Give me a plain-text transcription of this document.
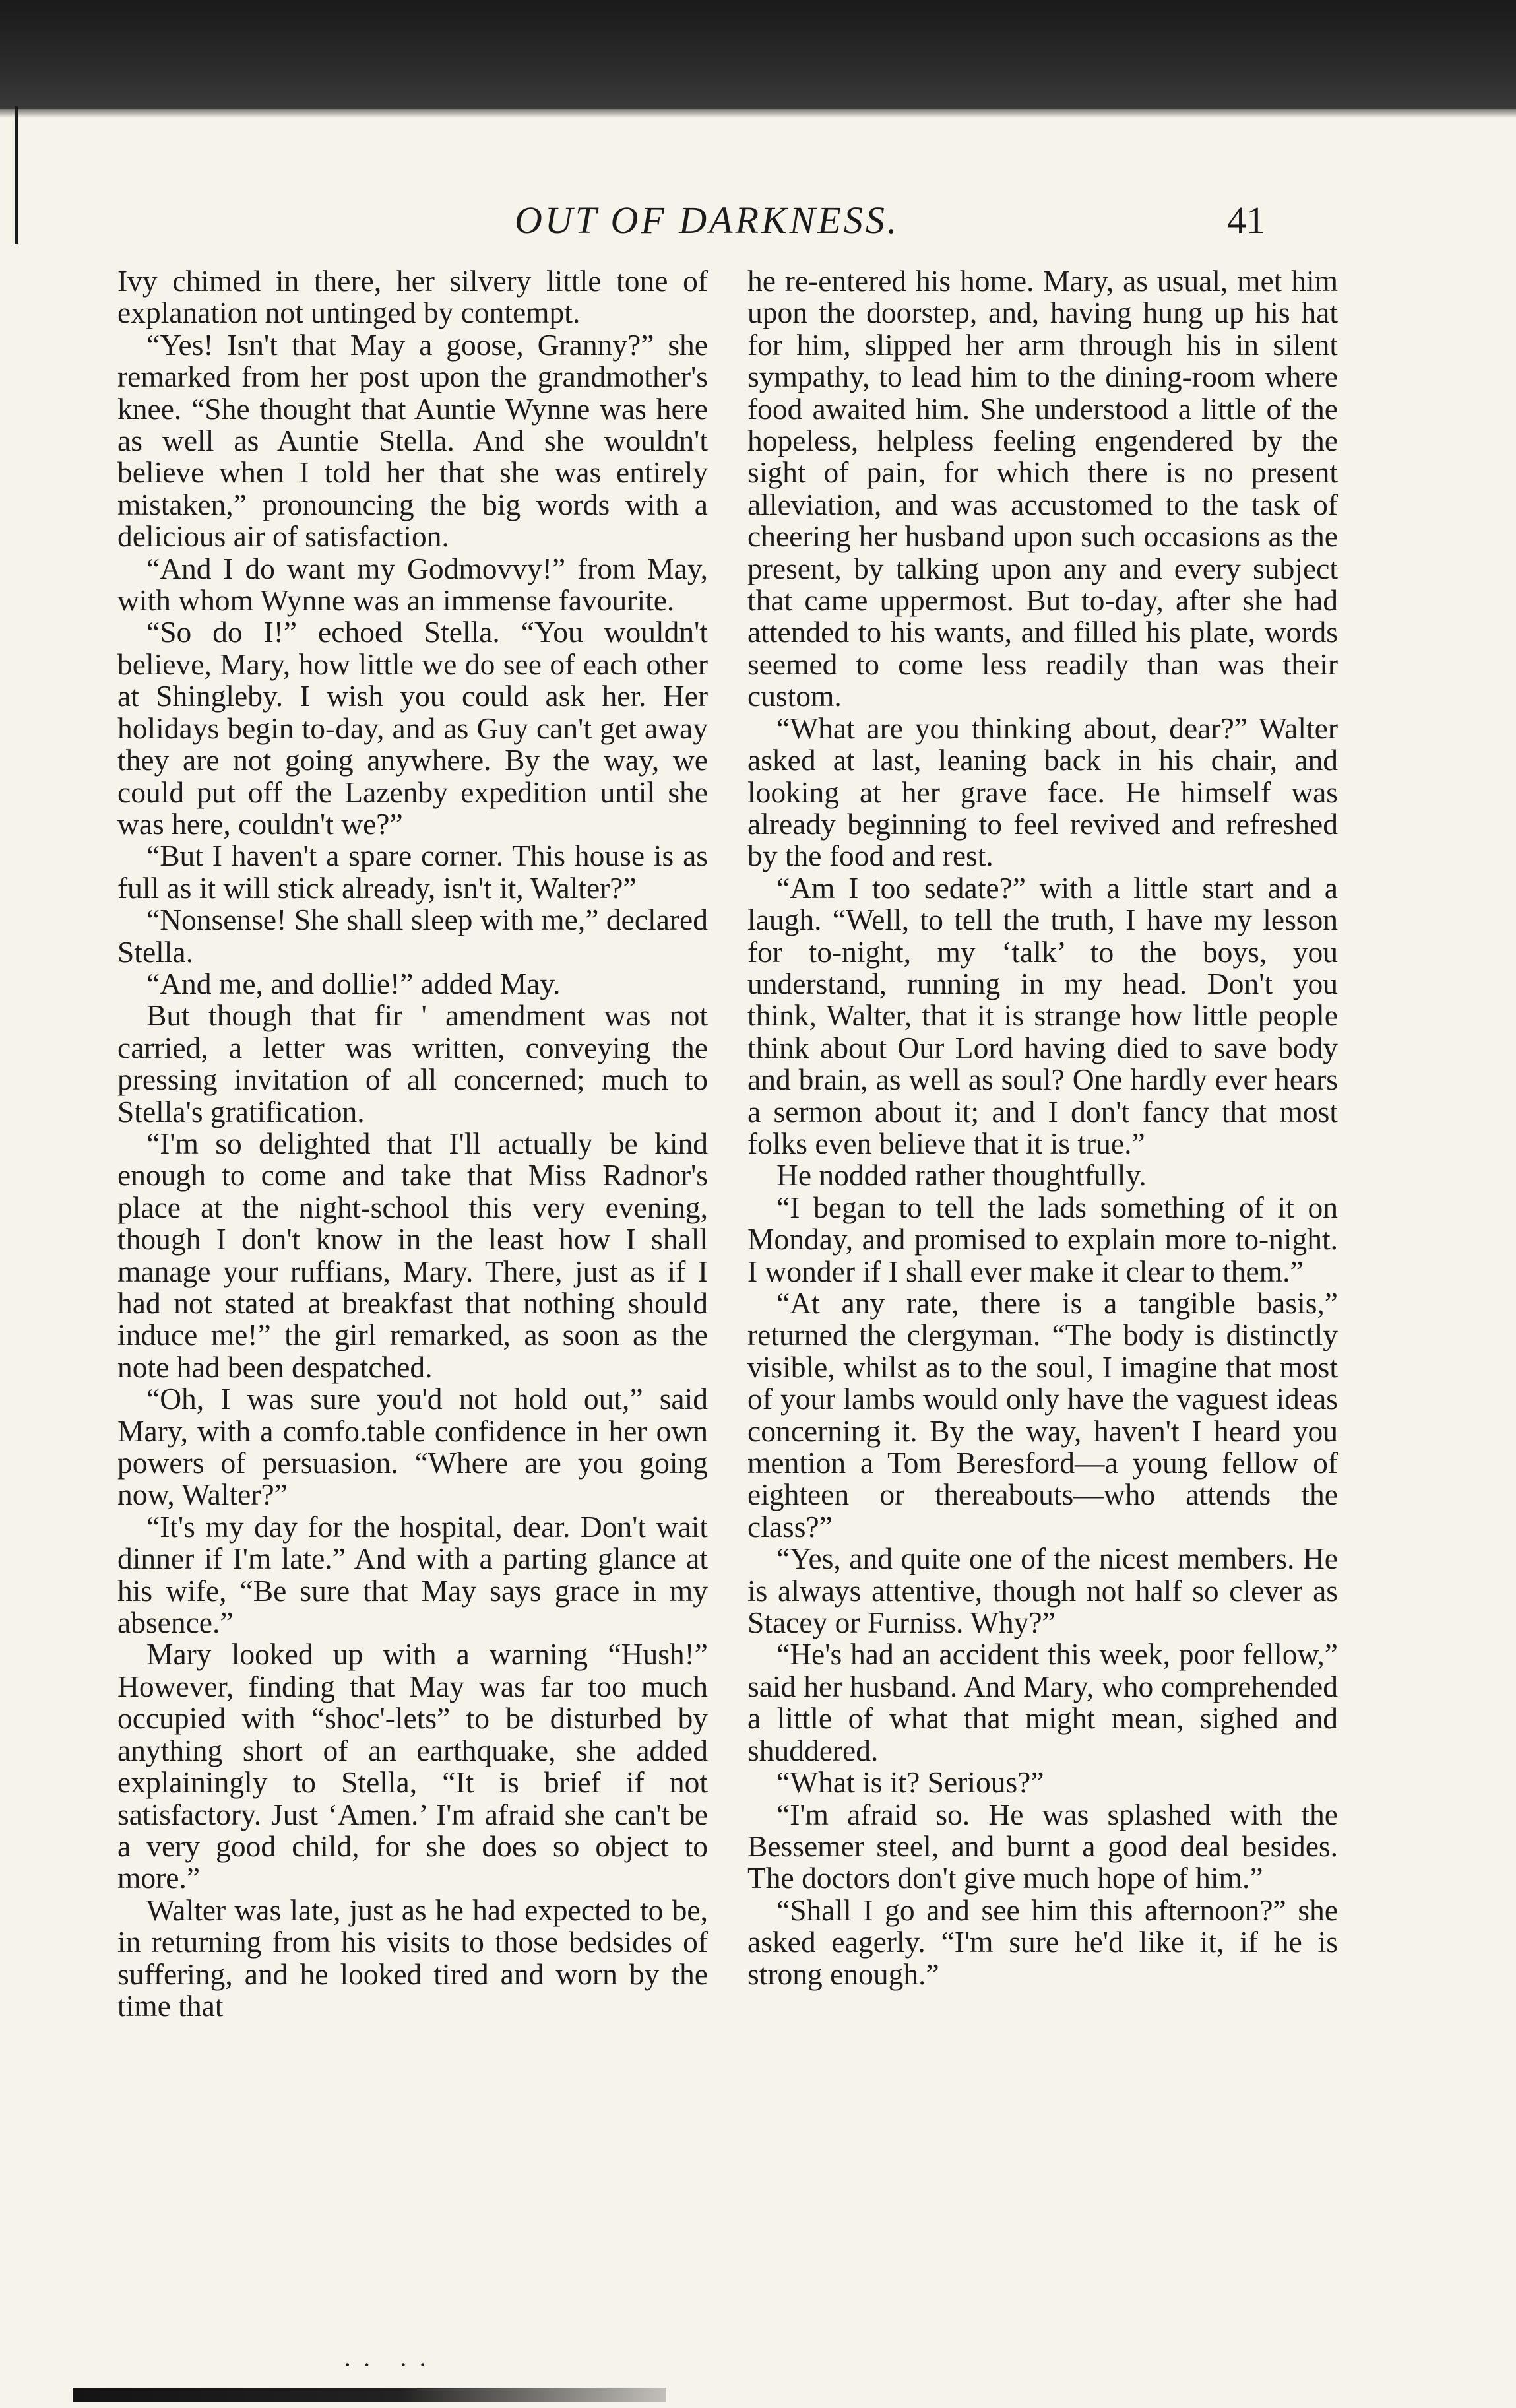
OUT OF DARKNESS.	41

Ivy chimed in there, her silvery little tone of explanation not untinged by contempt.

“Yes! Isn't that May a goose, Granny?” she remarked from her post upon the grandmother's knee. “She thought that Auntie Wynne was here as well as Auntie Stella. And she wouldn't believe when I told her that she was entirely mistaken,” pronouncing the big words with a delicious air of satisfaction.

“And I do want my Godmovvy!” from May, with whom Wynne was an immense favourite.

“So do I!” echoed Stella. “You wouldn't believe, Mary, how little we do see of each other at Shingleby. I wish you could ask her. Her holidays begin to-day, and as Guy can't get away they are not going anywhere. By the way, we could put off the Lazenby expedition until she was here, couldn't we?”

“But I haven't a spare corner. This house is as full as it will stick already, isn't it, Walter?”

“Nonsense! She shall sleep with me,” declared Stella.

“And me, and dollie!” added May.

But though that fir ' amendment was not carried, a letter was written, conveying the pressing invitation of all concerned; much to Stella's gratification.

“I'm so delighted that I'll actually be kind enough to come and take that Miss Radnor's place at the night-school this very evening, though I don't know in the least how I shall manage your ruffians, Mary. There, just as if I had not stated at breakfast that nothing should induce me!” the girl remarked, as soon as the note had been despatched.

“Oh, I was sure you'd not hold out,” said Mary, with a comfo.table confidence in her own powers of persuasion. “Where are you going now, Walter?”

“It's my day for the hospital, dear. Don't wait dinner if I'm late.” And with a parting glance at his wife, “Be sure that May says grace in my absence.”

Mary looked up with a warning “Hush!” However, finding that May was far too much occupied with “shoc'-lets” to be disturbed by anything short of an earthquake, she added explainingly to Stella, “It is brief if not satisfactory. Just ‘Amen.’ I'm afraid she can't be a very good child, for she does so object to more.”

Walter was late, just as he had expected to be, in returning from his visits to those bedsides of suffering, and he looked tired and worn by the time that

he re-entered his home. Mary, as usual, met him upon the doorstep, and, having hung up his hat for him, slipped her arm through his in silent sympathy, to lead him to the dining-room where food awaited him. She understood a little of the hopeless, helpless feeling engendered by the sight of pain, for which there is no present alleviation, and was accustomed to the task of cheering her husband upon such occasions as the present, by talking upon any and every subject that came uppermost. But to-day, after she had attended to his wants, and filled his plate, words seemed to come less readily than was their custom.

“What are you thinking about, dear?” Walter asked at last, leaning back in his chair, and looking at her grave face. He himself was already beginning to feel revived and refreshed by the food and rest.

“Am I too sedate?” with a little start and a laugh. “Well, to tell the truth, I have my lesson for to-night, my ‘talk’ to the boys, you understand, running in my head. Don't you think, Walter, that it is strange how little people think about Our Lord having died to save body and brain, as well as soul? One hardly ever hears a sermon about it; and I don't fancy that most folks even believe that it is true.”

He nodded rather thoughtfully.

“I began to tell the lads something of it on Monday, and promised to explain more to-night. I wonder if I shall ever make it clear to them.”

“At any rate, there is a tangible basis,” returned the clergyman. “The body is distinctly visible, whilst as to the soul, I imagine that most of your lambs would only have the vaguest ideas concerning it. By the way, haven't I heard you mention a Tom Beresford—a young fellow of eighteen or thereabouts—who attends the class?”

“Yes, and quite one of the nicest members. He is always attentive, though not half so clever as Stacey or Furniss. Why?”

“He's had an accident this week, poor fellow,” said her husband. And Mary, who comprehended a little of what that might mean, sighed and shuddered.

“What is it? Serious?”

“I'm afraid so. He was splashed with the Bessemer steel, and burnt a good deal besides. The doctors don't give much hope of him.”

“Shall I go and see him this afternoon?” she asked eagerly. “I'm sure he'd like it, if he is strong enough.”

·· ··
